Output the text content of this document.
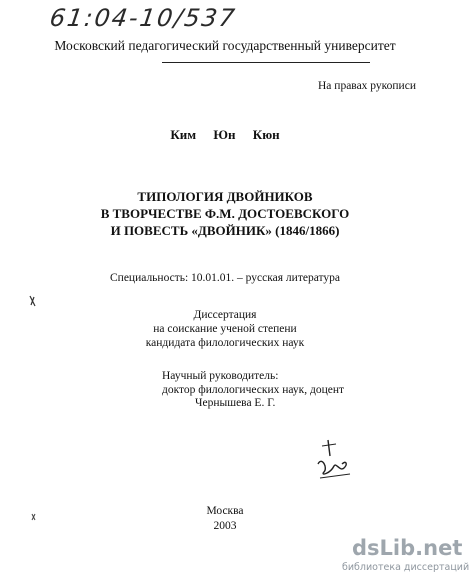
61:04-10/537
Московский педагогический государственный университет
На правах рукописи
Ким Юн Кюн
ТИПОЛОГИЯ ДВОЙНИКОВ
В ТВОРЧЕСТВЕ Ф.М. ДОСТОЕВСКОГО
И ПОВЕСТЬ «ДВОЙНИК» (1846/1866)
Специальность: 10.01.01. – русская литература
Диссертация
на соискание ученой степени
кандидата филологических наук
Научный руководитель:
доктор филологических наук, доцент
Чернышева Е. Г.
Москва
2003
dsLib.net
библиотека диссертаций
